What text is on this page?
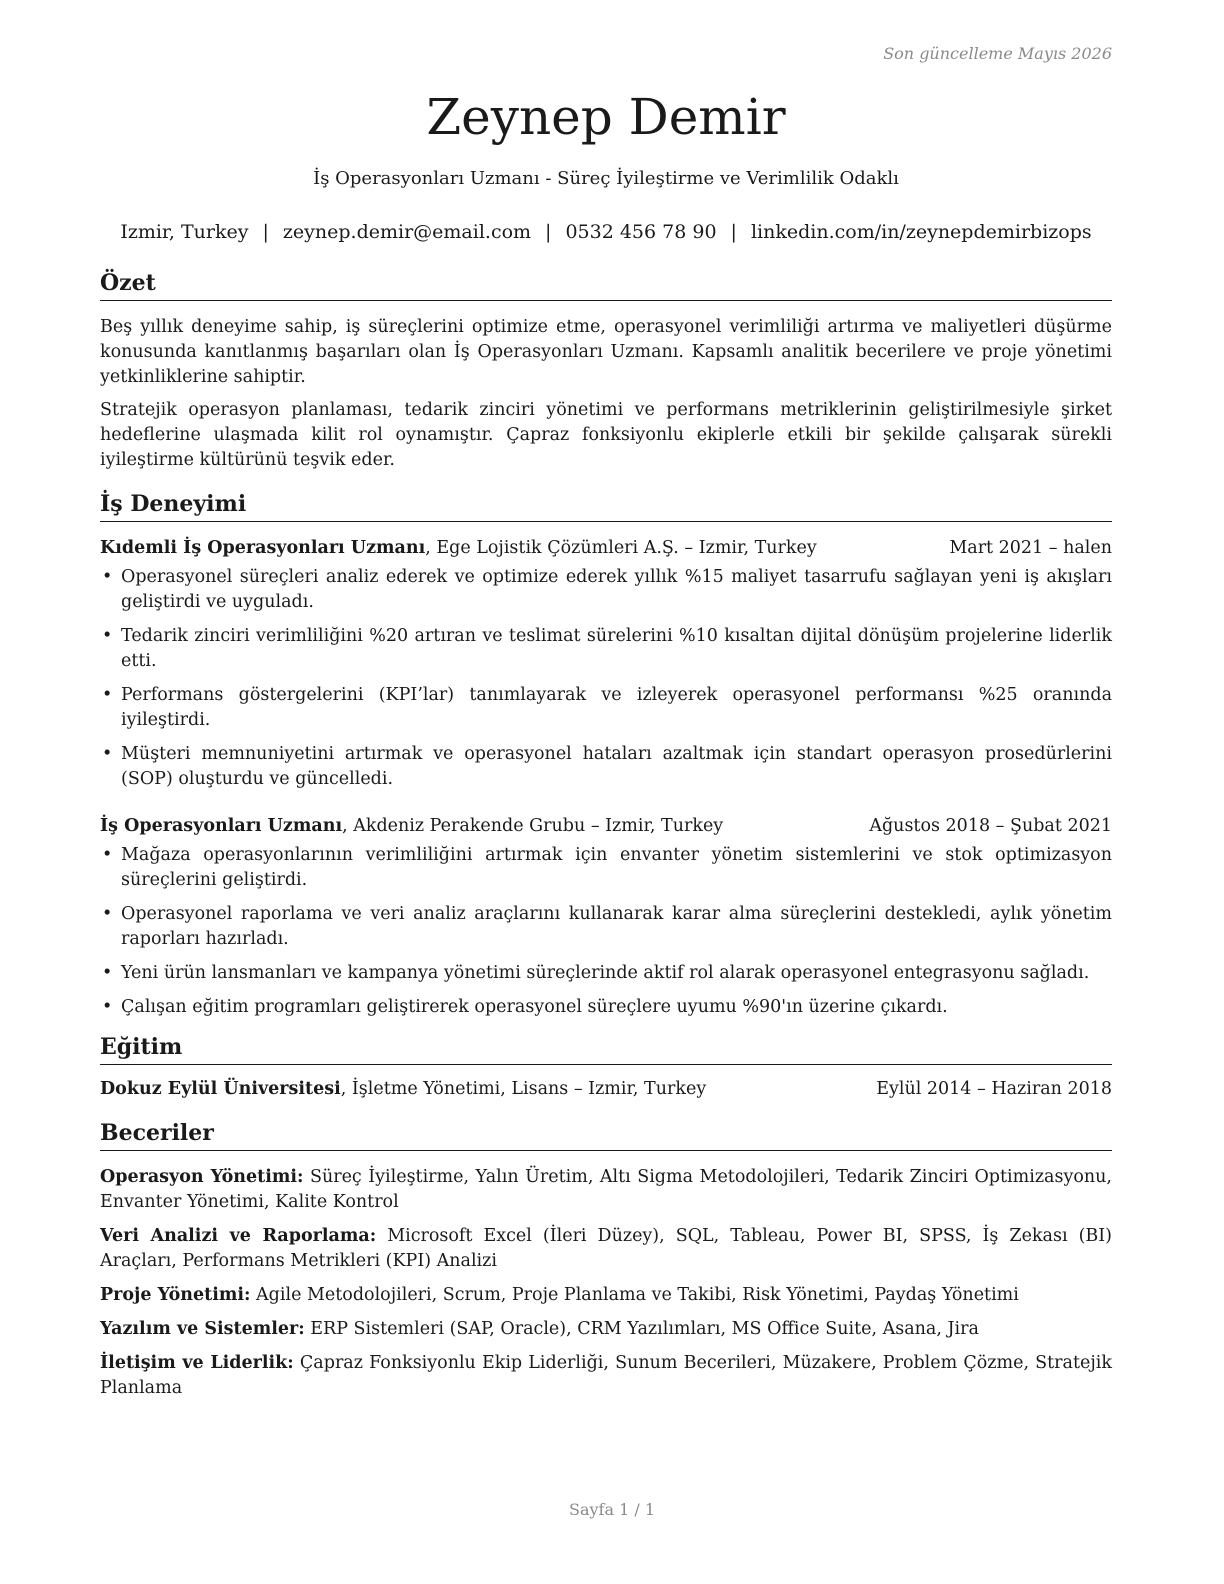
Son güncelleme Mayıs 2026
Zeynep Demir
İş Operasyonları Uzmanı - Süreç İyileştirme ve Verimlilik Odaklı
Izmir, Turkey | zeynep.demir@email.com | 0532 456 78 90 | linkedin.com/in/zeynepdemirbizops
Özet

Beş yıllık deneyime sahip, iş süreçlerini optimize etme, operasyonel verimliliği artırma ve maliyetleri düşürme konusunda kanıtlanmış başarıları olan İş Operasyonları Uzmanı. Kapsamlı analitik becerilere ve proje yönetimi yetkinliklerine sahiptir.

Stratejik operasyon planlaması, tedarik zinciri yönetimi ve performans metriklerinin geliştirilmesiyle şirket hedeflerine ulaşmada kilit rol oynamıştır. Çapraz fonksiyonlu ekiplerle etkili bir şekilde çalışarak sürekli iyileştirme kültürünü teşvik eder.

İş Deneyimi
Kıdemli İş Operasyonları Uzmanı, Ege Lojistik Çözümleri A.Ş. – Izmir, Turkey	Mart 2021 – halen
• Operasyonel süreçleri analiz ederek ve optimize ederek yıllık %15 maliyet tasarrufu sağlayan yeni iş akışları geliştirdi ve uyguladı.
• Tedarik zinciri verimliliğini %20 artıran ve teslimat sürelerini %10 kısaltan dijital dönüşüm projelerine liderlik etti.
• Performans göstergelerini (KPI’lar) tanımlayarak ve izleyerek operasyonel performansı %25 oranında iyileştirdi.
• Müşteri memnuniyetini artırmak ve operasyonel hataları azaltmak için standart operasyon prosedürlerini (SOP) oluşturdu ve güncelledi.
İş Operasyonları Uzmanı, Akdeniz Perakende Grubu – Izmir, Turkey	Ağustos 2018 – Şubat 2021
• Mağaza operasyonlarının verimliliğini artırmak için envanter yönetim sistemlerini ve stok optimizasyon süreçlerini geliştirdi.
• Operasyonel raporlama ve veri analiz araçlarını kullanarak karar alma süreçlerini destekledi, aylık yönetim raporları hazırladı.
• Yeni ürün lansmanları ve kampanya yönetimi süreçlerinde aktif rol alarak operasyonel entegrasyonu sağladı.
• Çalışan eğitim programları geliştirerek operasyonel süreçlere uyumu %90'ın üzerine çıkardı.
Eğitim
Dokuz Eylül Üniversitesi, İşletme Yönetimi, Lisans – Izmir, Turkey	Eylül 2014 – Haziran 2018
Beceriler

Operasyon Yönetimi: Süreç İyileştirme, Yalın Üretim, Altı Sigma Metodolojileri, Tedarik Zinciri Optimizasyonu, Envanter Yönetimi, Kalite Kontrol

Veri Analizi ve Raporlama: Microsoft Excel (İleri Düzey), SQL, Tableau, Power BI, SPSS, İş Zekası (BI) Araçları, Performans Metrikleri (KPI) Analizi

Proje Yönetimi: Agile Metodolojileri, Scrum, Proje Planlama ve Takibi, Risk Yönetimi, Paydaş Yönetimi

Yazılım ve Sistemler: ERP Sistemleri (SAP, Oracle), CRM Yazılımları, MS Office Suite, Asana, Jira

İletişim ve Liderlik: Çapraz Fonksiyonlu Ekip Liderliği, Sunum Becerileri, Müzakere, Problem Çözme, Stratejik Planlama

Sayfa 1 / 1
